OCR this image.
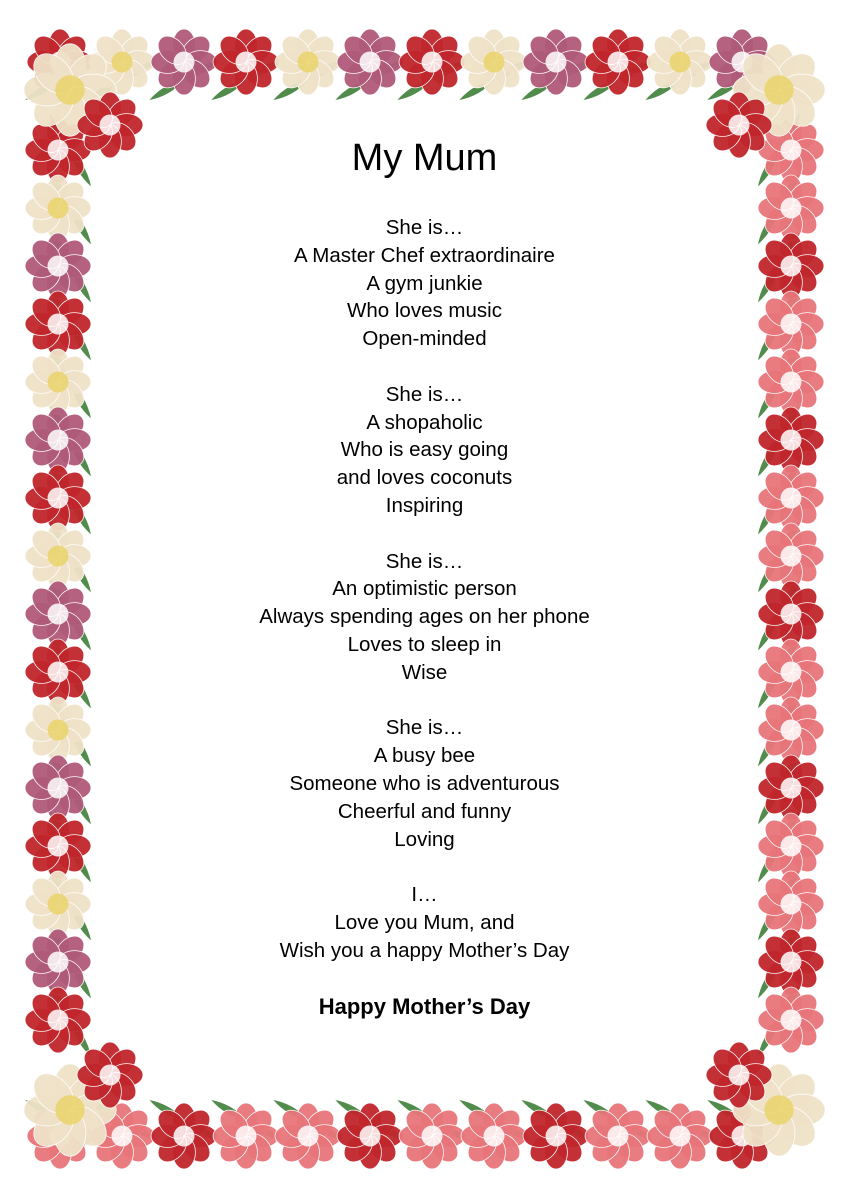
My Mum
She is…
A Master Chef extraordinaire
A gym junkie
Who loves music
Open-minded
She is…
A shopaholic
Who is easy going
and loves coconuts
Inspiring
She is…
An optimistic person
Always spending ages on her phone
Loves to sleep in
Wise
She is…
A busy bee
Someone who is adventurous
Cheerful and funny
Loving
I…
Love you Mum, and
Wish you a happy Mother’s Day
Happy Mother’s Day
